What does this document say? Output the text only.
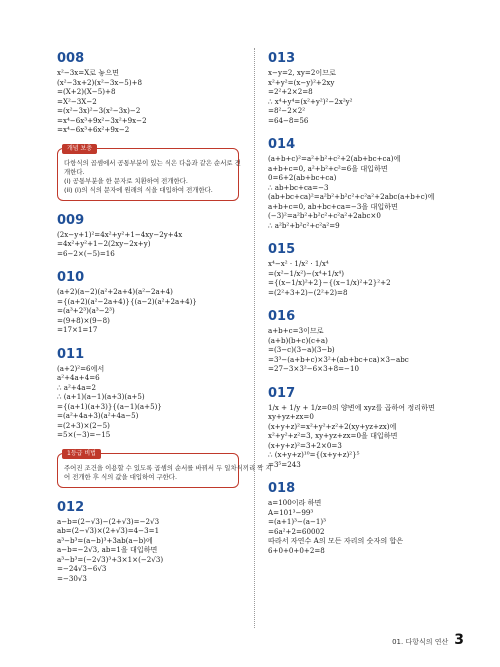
008
x²−3x=X로 놓으면
(x²−3x+2)(x²−3x−5)+8
=(X+2)(X−5)+8
=X²−3X−2
=(x²−3x)²−3(x²−3x)−2
=x⁴−6x³+9x²−3x²+9x−2
=x⁴−6x³+6x²+9x−2
개념 보충
다항식의 곱셈에서 공통부분이 있는 식은 다음과 같은 순서로 전
개한다.
(i) 공통부분을 한 문자로 치환하여 전개한다.
(ii) (i)의 식의 문자에 원래의 식을 대입하여 전개한다.
009
(2x−y+1)²=4x²+y²+1−4xy−2y+4x
=4x²+y²+1−2(2xy−2x+y)
=6−2×(−5)=16
010
(a+2)(a−2)(a²+2a+4)(a²−2a+4)
={(a+2)(a²−2a+4)}{(a−2)(a²+2a+4)}
=(a³+2³)(a³−2³)
=(9+8)×(9−8)
=17×1=17
011
(a+2)²=6에서
a²+4a+4=6
∴ a²+4a=2
∴ (a+1)(a−1)(a+3)(a+5)
={(a+1)(a+3)}{(a−1)(a+5)}
=(a²+4a+3)(a²+4a−5)
=(2+3)×(2−5)
=5×(−3)=−15
1등급 비법
주어진 조건을 이용할 수 있도록 곱셈의 순서를 바꿔서 두 일차식끼리 짝 지
어 전개한 후 식의 값을 대입하여 구한다.
012
a−b=(2−√3)−(2+√3)=−2√3
ab=(2−√3)×(2+√3)=4−3=1
a³−b³=(a−b)³+3ab(a−b)에
a−b=−2√3, ab=1을 대입하면
a³−b³=(−2√3)³+3×1×(−2√3)
=−24√3−6√3
=−30√3
013
x−y=2, xy=2이므로
x²+y²=(x−y)²+2xy
=2²+2×2=8
∴ x⁴+y⁴=(x²+y²)²−2x²y²
=8²−2×2²
=64−8=56
014
(a+b+c)²=a²+b²+c²+2(ab+bc+ca)에
a+b+c=0, a²+b²+c²=6을 대입하면
0=6+2(ab+bc+ca)
∴ ab+bc+ca=−3
(ab+bc+ca)²=a²b²+b²c²+c²a²+2abc(a+b+c)에
a+b+c=0, ab+bc+ca=−3을 대입하면
(−3)²=a²b²+b²c²+c²a²+2abc×0
∴ a²b²+b²c²+c²a²=9
015
x⁴−x² · 1/x² · 1/x⁴
=(x²−1/x²)−(x⁴+1/x⁴)
={(x−1/x)²+2}−{(x−1/x)²+2}²+2
=(2²+3+2)−(2²+2)=8
016
a+b+c=3이므로
(a+b)(b+c)(c+a)
=(3−c)(3−a)(3−b)
=3³−(a+b+c)×3²+(ab+bc+ca)×3−abc
=27−3×3²−6×3+8=−10
017
1/x + 1/y + 1/z=0의 양변에 xyz를 곱하여 정리하면
xy+yz+zx=0
(x+y+z)²=x²+y²+z²+2(xy+yz+zx)에
x²+y²+z²=3, xy+yz+zx=0을 대입하면
(x+y+z)²=3+2×0=3
∴ (x+y+z)¹⁰={(x+y+z)²}⁵
=3⁵=243
018
a=100이라 하면
A=101³−99³
=(a+1)³−(a−1)³
=6a²+2=60002
따라서 자연수 A의 모든 자리의 숫자의 합은
6+0+0+0+2=8
01. 다항식의 연산 3
